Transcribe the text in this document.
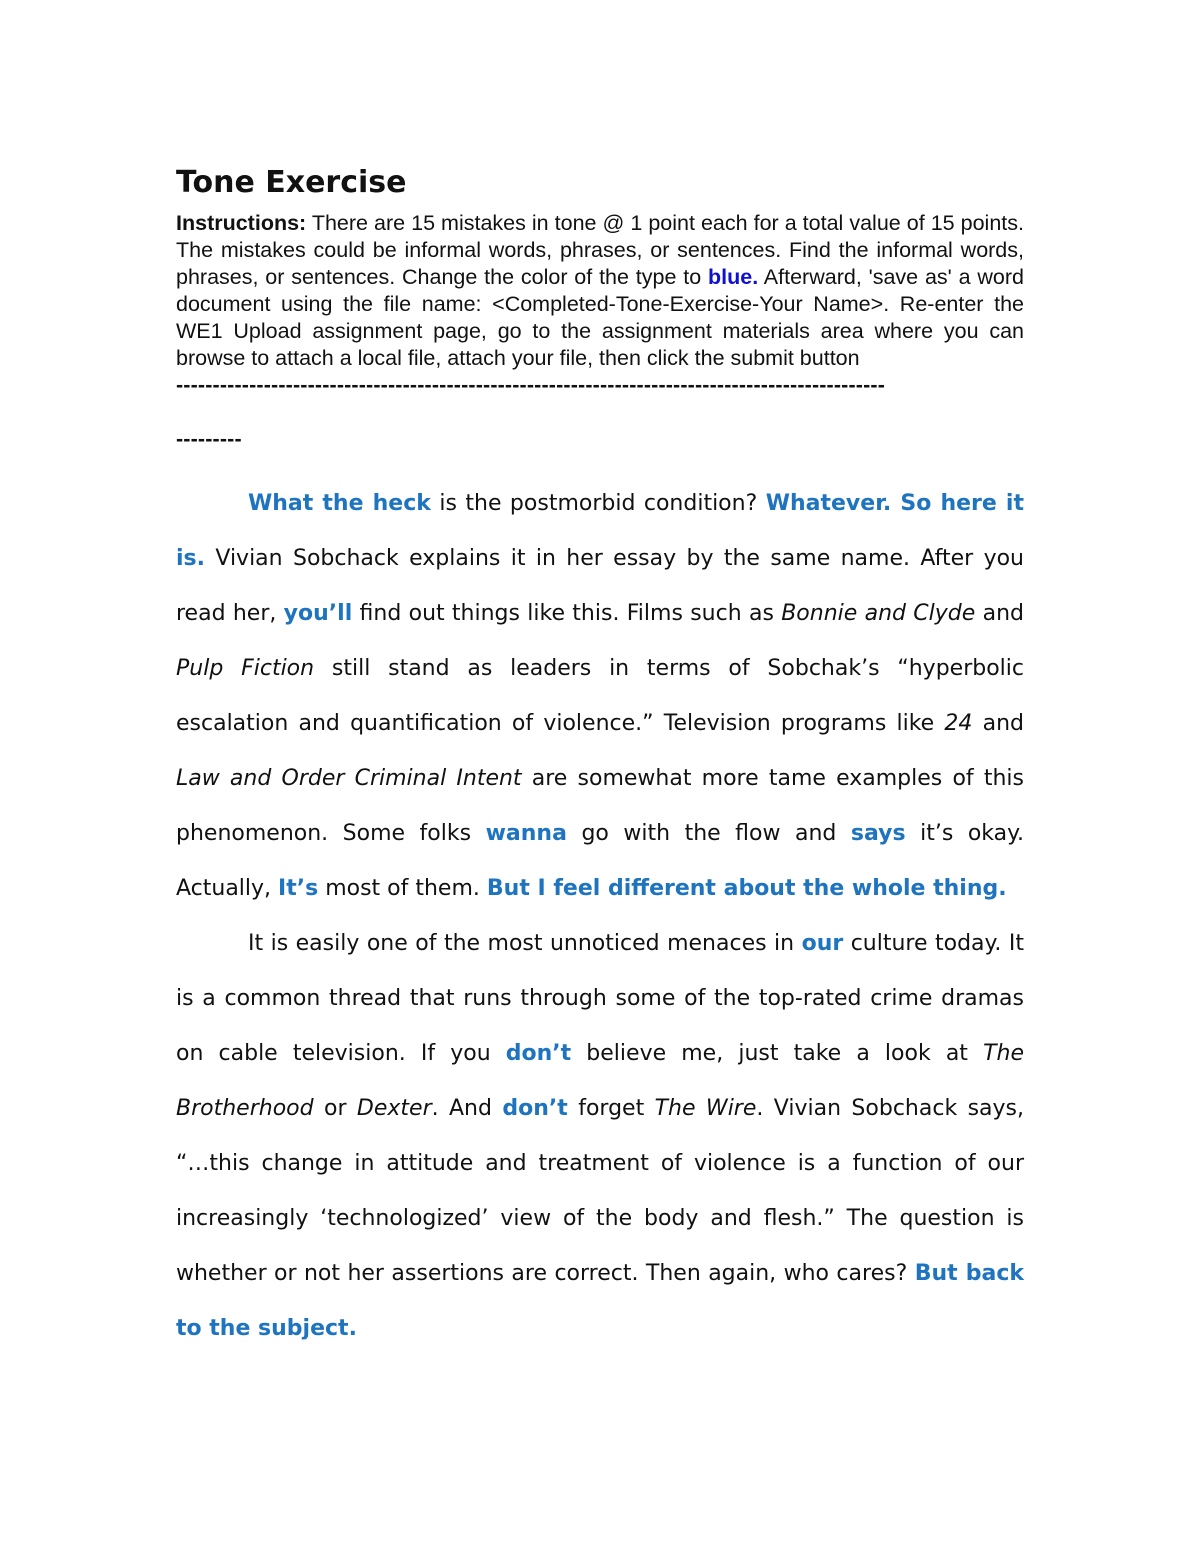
Tone Exercise

Instructions: There are 15 mistakes in tone @ 1 point each for a total value of 15 points. The mistakes could be informal words, phrases, or sentences. Find the informal words, phrases, or sentences. Change the color of the type to blue. Afterward, 'save as' a word document using the file name: <Completed-Tone-Exercise-Your Name>. Re-enter the WE1 Upload assignment page, go to the assignment materials area where you can browse to attach a local file, attach your file, then click the submit button

-------------------------------------------------------------------------------------------------
---------

What the heck is the postmorbid condition? Whatever. So here it is. Vivian Sobchack explains it in her essay by the same name. After you read her, you’ll find out things like this. Films such as Bonnie and Clyde and Pulp Fiction still stand as leaders in terms of Sobchak’s “hyperbolic escalation and quantification of violence.” Television programs like 24 and Law and Order Criminal Intent are somewhat more tame examples of this phenomenon. Some folks wanna go with the flow and says it’s okay. Actually, It’s most of them. But I feel different about the whole thing.

It is easily one of the most unnoticed menaces in our culture today. It is a common thread that runs through some of the top-rated crime dramas on cable television. If you don’t believe me, just take a look at The Brotherhood or Dexter. And don’t forget The Wire. Vivian Sobchack says, “…this change in attitude and treatment of violence is a function of our increasingly ‘technologized’ view of the body and flesh.” The question is whether or not her assertions are correct. Then again, who cares? But back to the subject.
